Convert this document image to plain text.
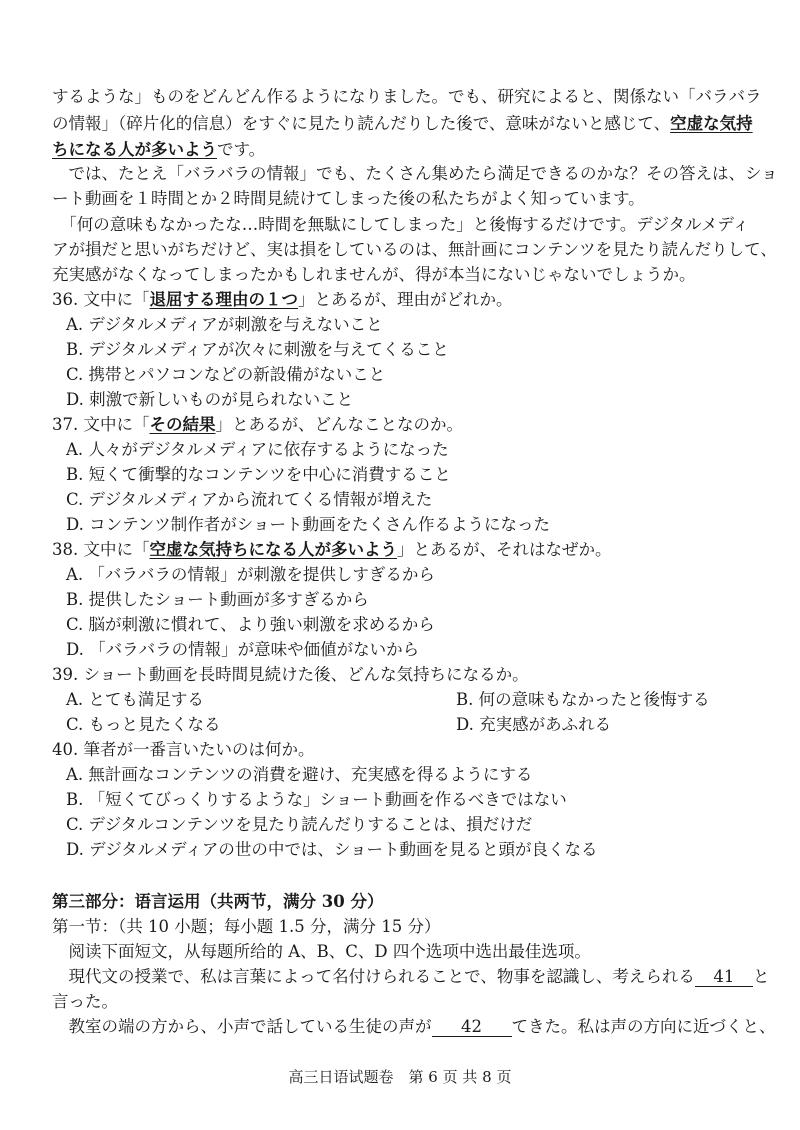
するような」ものをどんどん作るようになりました。でも、研究によると、関係ない「バラバラ
の情報」（碎片化的信息）をすぐに見たり読んだりした後で、意味がないと感じて、空虚な気持
ちになる人が多いようです。
　では、たとえ「バラバラの情報」でも、たくさん集めたら満足できるのかな？その答えは、ショ
ート動画を１時間とか２時間見続けてしまった後の私たちがよく知っています。
　「何の意味もなかったな…時間を無駄にしてしまった」と後悔するだけです。デジタルメディ
アが損だと思いがちだけど、実は損をしているのは、無計画にコンテンツを見たり読んだりして、
充実感がなくなってしまったかもしれませんが、得が本当にないじゃないでしょうか。
36. 文中に「退屈する理由の１つ」とあるが、理由がどれか。
A. デジタルメディアが刺激を与えないこと
B. デジタルメディアが次々に刺激を与えてくること
C. 携帯とパソコンなどの新設備がないこと
D. 刺激で新しいものが見られないこと
37. 文中に「その結果」とあるが、どんなことなのか。
A. 人々がデジタルメディアに依存するようになった
B. 短くて衝撃的なコンテンツを中心に消費すること
C. デジタルメディアから流れてくる情報が増えた
D. コンテンツ制作者がショート動画をたくさん作るようになった
38. 文中に「空虚な気持ちになる人が多いよう」とあるが、それはなぜか。
A. 「バラバラの情報」が刺激を提供しすぎるから
B. 提供したショート動画が多すぎるから
C. 脳が刺激に慣れて、より強い刺激を求めるから
D. 「バラバラの情報」が意味や価値がないから
39. ショート動画を長時間見続けた後、どんな気持ちになるか。
A. とても満足する	B. 何の意味もなかったと後悔する
C. もっと見たくなる	D. 充実感があふれる
40. 筆者が一番言いたいのは何か。
A. 無計画なコンテンツの消費を避け、充実感を得るようにする
B. 「短くてびっくりするような」ショート動画を作るべきではない
C. デジタルコンテンツを見たり読んだりすることは、損だけだ
D. デジタルメディアの世の中では、ショート動画を見ると頭が良くなる
第三部分：语言运用（共两节，满分 30 分）
第一节：（共 10 小题；每小题 1.5 分，满分 15 分）
　阅读下面短文，从每题所给的 A、B、C、D 四个选项中选出最佳选项。
　現代文の授業で、私は言葉によって名付けられることで、物事を認識し、考えられる 41 と
言った。
　教室の端の方から、小声で話している生徒の声が 42 てきた。私は声の方向に近づくと、
高三日语试题卷　第 6 页 共 8 页
